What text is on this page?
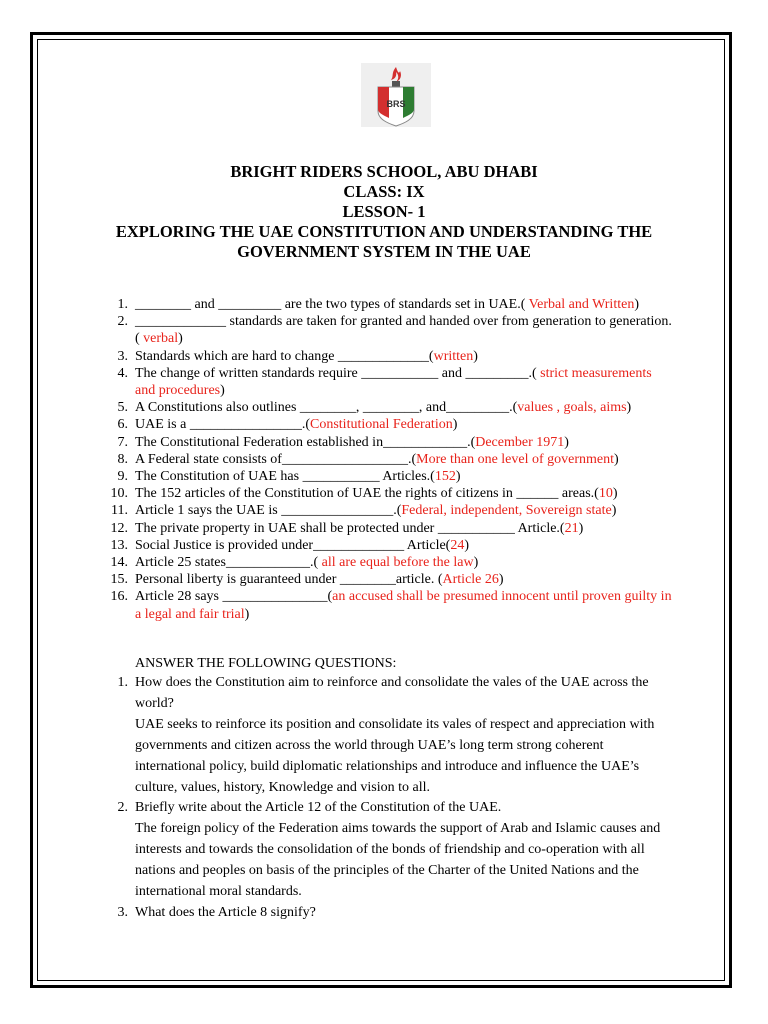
BRS
BRIGHT RIDERS SCHOOL, ABU DHABI
CLASS: IX
LESSON- 1
EXPLORING THE UAE CONSTITUTION AND UNDERSTANDING THE
GOVERNMENT SYSTEM IN THE UAE
1. ________ and _________ are the two types of standards set in UAE.( Verbal and Written)
2. _____________ standards are taken for granted and handed over from generation to generation.( verbal)
3. Standards which are hard to change _____________(written)
4. The change of written standards require ___________ and _________.( strict measurements and procedures)
5. A Constitutions also outlines ________, ________, and_________.(values , goals, aims)
6. UAE is a ________________.(Constitutional Federation)
7. The Constitutional Federation established in____________.(December 1971)
8. A Federal state consists of__________________.(More than one level of government)
9. The Constitution of UAE has ___________ Articles.(152)
10. The 152 articles of the Constitution of UAE the rights of citizens in ______ areas.(10)
11. Article 1 says the UAE is ________________.(Federal, independent, Sovereign state)
12. The private property in UAE shall be protected under ___________ Article.(21)
13. Social Justice is provided under_____________ Article(24)
14. Article 25 states____________.( all are equal before the law)
15. Personal liberty is guaranteed under ________article. (Article 26)
16. Article 28 says _______________(an accused shall be presumed innocent until proven guilty in a legal and fair trial)
ANSWER THE FOLLOWING QUESTIONS:
1. How does the Constitution aim to reinforce and consolidate the vales of the UAE across the world?
UAE seeks to reinforce its position and consolidate its vales of respect and appreciation with governments and citizen across the world through UAE’s long term strong coherent international policy, build diplomatic relationships and introduce and influence the UAE’s culture, values, history, Knowledge and vision to all.
2. Briefly write about the Article 12 of the Constitution of the UAE.
The foreign policy of the Federation aims towards the support of Arab and Islamic causes and interests and towards the consolidation of the bonds of friendship and co-operation with all nations and peoples on basis of the principles of the Charter of the United Nations and the international moral standards.
3. What does the Article 8 signify?
